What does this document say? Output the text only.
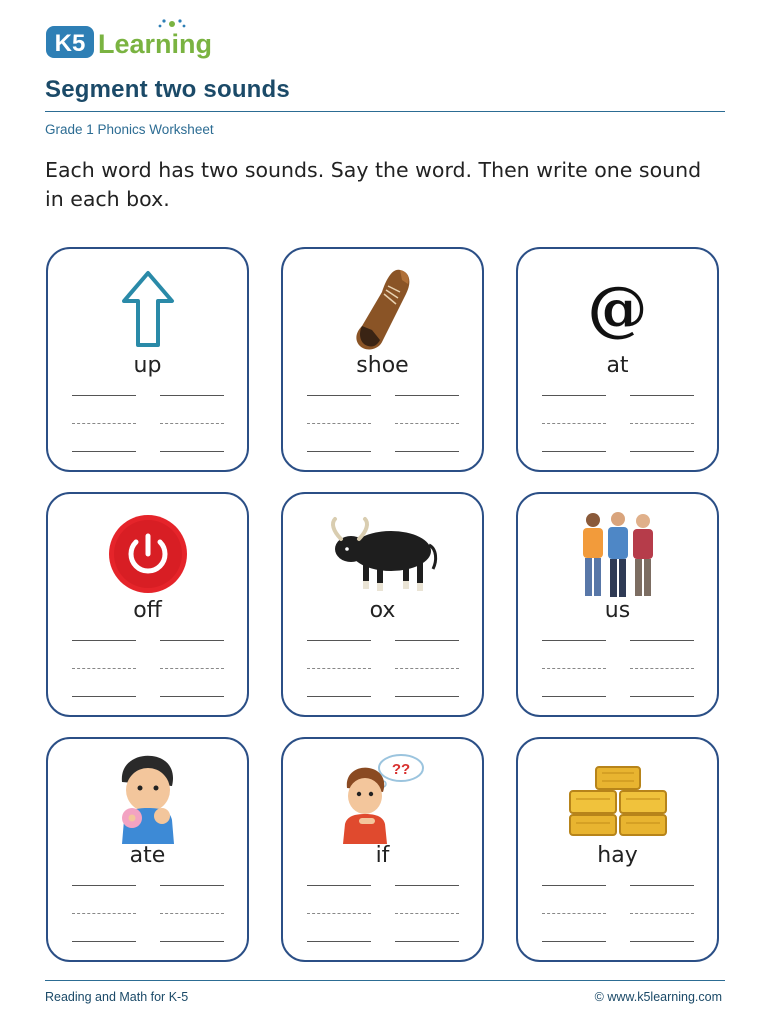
K5 Learning
Segment two sounds
Grade 1 Phonics Worksheet
Each word has two sounds. Say the word. Then write one sound in each box.
up	shoe
@
at
off	ox	us
ate
??
if	hay
Reading and Math for K-5	© www.k5learning.com
